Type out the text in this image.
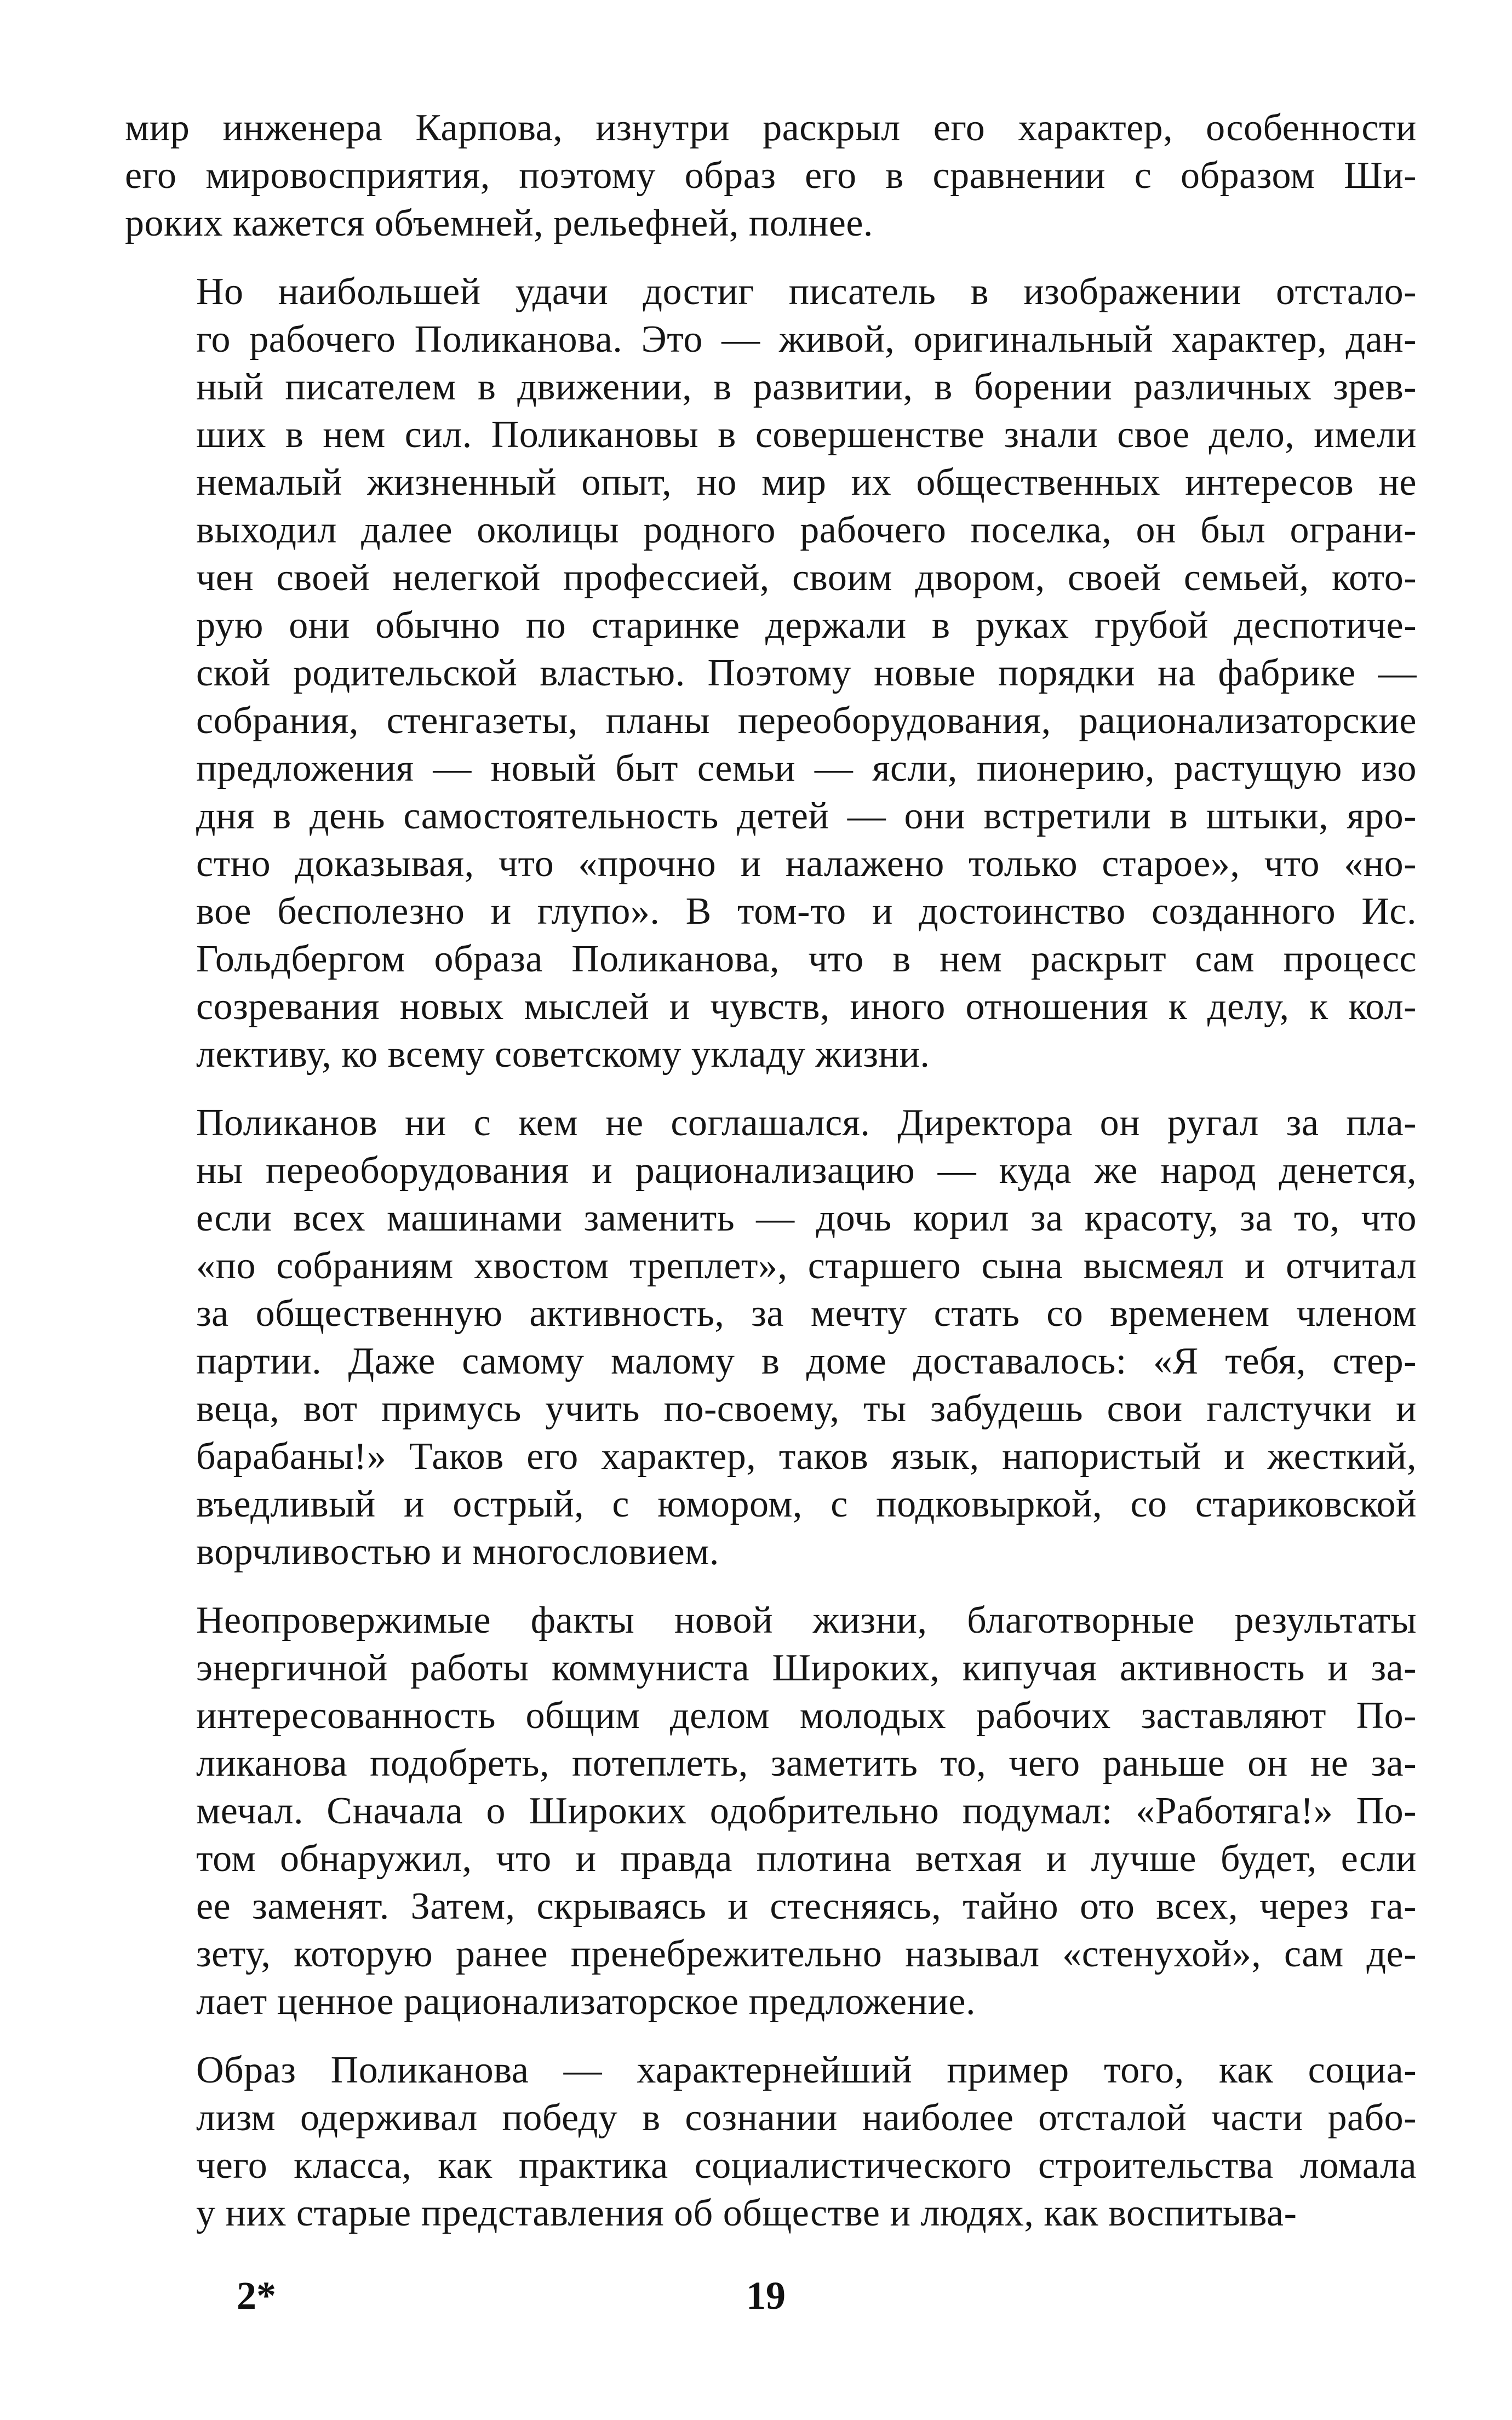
мир инженера Карпова, изнутри раскрыл его характер, особенности
его мировосприятия, поэтому образ его в сравнении с образом Ши-
роких кажется объемней, рельефней, полнее.
Но наибольшей удачи достиг писатель в изображении отстало-
го рабочего Поликанова. Это — живой, оригинальный характер, дан-
ный писателем в движении, в развитии, в борении различных зрев-
ших в нем сил. Поликановы в совершенстве знали свое дело, имели
немалый жизненный опыт, но мир их общественных интересов не
выходил далее околицы родного рабочего поселка, он был ограни-
чен своей нелегкой профессией, своим двором, своей семьей, кото-
рую они обычно по старинке держали в руках грубой деспотиче-
ской родительской властью. Поэтому новые порядки на фабрике —
собрания, стенгазеты, планы переоборудования, рационализаторские
предложения — новый быт семьи — ясли, пионерию, растущую изо
дня в день самостоятельность детей — они встретили в штыки, яро-
стно доказывая, что «прочно и налажено только старое», что «но-
вое бесполезно и глупо». В том-то и достоинство созданного Ис.
Гольдбергом образа Поликанова, что в нем раскрыт сам процесс
созревания новых мыслей и чувств, иного отношения к делу, к кол-
лективу, ко всему советскому укладу жизни.
Поликанов ни с кем не соглашался. Директора он ругал за пла-
ны переоборудования и рационализацию — куда же народ денется,
если всех машинами заменить — дочь корил за красоту, за то, что
«по собраниям хвостом треплет», старшего сына высмеял и отчитал
за общественную активность, за мечту стать со временем членом
партии. Даже самому малому в доме доставалось: «Я тебя, стер-
веца, вот примусь учить по-своему, ты забудешь свои галстучки и
барабаны!» Таков его характер, таков язык, напористый и жесткий,
въедливый и острый, с юмором, с подковыркой, со стариковской
ворчливостью и многословием.
Неопровержимые факты новой жизни, благотворные результаты
энергичной работы коммуниста Широких, кипучая активность и за-
интересованность общим делом молодых рабочих заставляют По-
ликанова подобреть, потеплеть, заметить то, чего раньше он не за-
мечал. Сначала о Широких одобрительно подумал: «Работяга!» По-
том обнаружил, что и правда плотина ветхая и лучше будет, если
ее заменят. Затем, скрываясь и стесняясь, тайно ото всех, через га-
зету, которую ранее пренебрежительно называл «стенухой», сам де-
лает ценное рационализаторское предложение.
Образ Поликанова — характернейший пример того, как социа-
лизм одерживал победу в сознании наиболее отсталой части рабо-
чего класса, как практика социалистического строительства ломала
у них старые представления об обществе и людях, как воспитыва-
2*	19
